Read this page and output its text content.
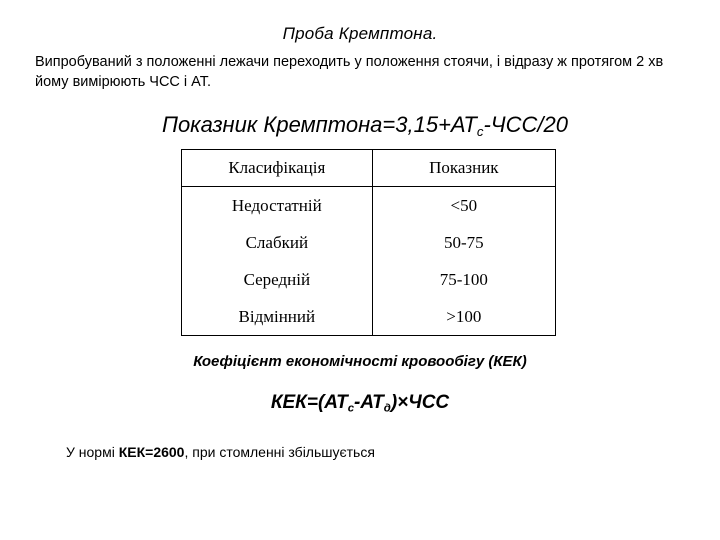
Проба Кремптона.
Випробуваний з положенні лежачи переходить у положення стоячи, і відразу ж протягом 2 хв йому вимірюють ЧСС і АТ.
Показник $Кремптона=3,15+АТ_с-ЧСС/20$
Класифікація	Показник
Недостатній	<50
Слабкий	50-75
Середній	75-100
Відмінний	>100
Коефіцієнт економічності кровообігу (КЕК)
$КЕК=(АТ_с-АТ_д)\times ЧСС$
У нормі КЕК=2600, при стомленні збільшується
